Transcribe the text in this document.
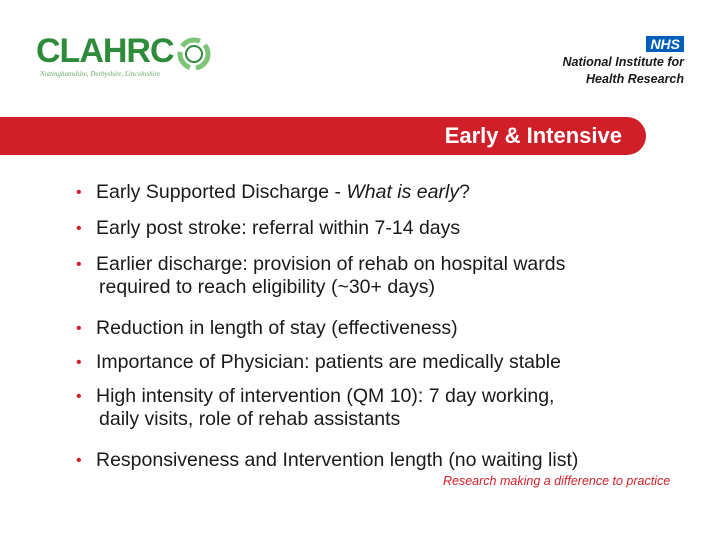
CLAHRC
Nottinghamshire, Derbyshire, Lincolnshire
NHS
National Institute for
Health Research
Early & Intensive
• Early Supported Discharge - What is early?
• Early post stroke: referral within 7-14 days
• Earlier discharge: provision of rehab on hospital wards
required to reach eligibility (~30+ days)
• Reduction in length of stay (effectiveness)
• Importance of Physician: patients are medically stable
• High intensity of intervention (QM 10): 7 day working,
daily visits, role of rehab assistants
• Responsiveness and Intervention length (no waiting list)
Research making a difference to practice
